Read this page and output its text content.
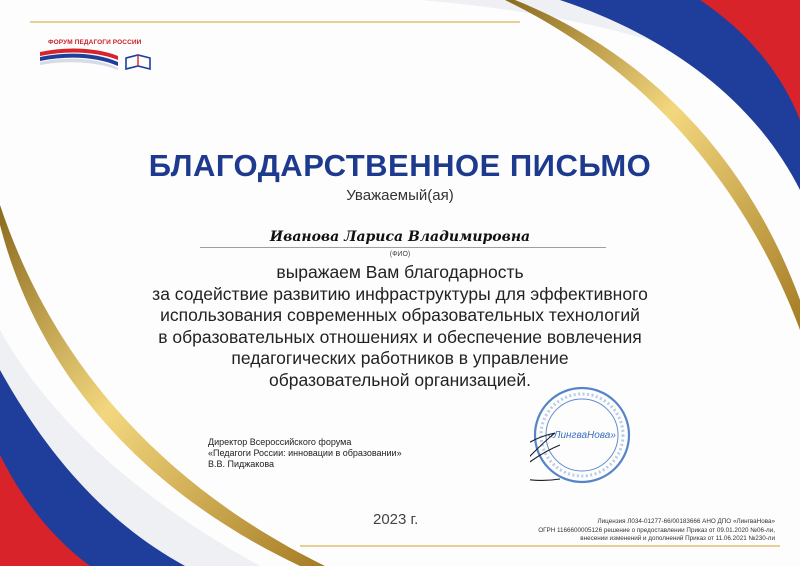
ФОРУМ ПЕДАГОГИ РОССИИ
БЛАГОДАРСТВЕННОЕ ПИСЬМО
Уважаемый(ая)
Иванова Лариса Владимировна
(ФИО)
выражаем Вам благодарность
за содействие развитию инфраструктуры для эффективного
использования современных образовательных технологий
в образовательных отношениях и обеспечение вовлечения
педагогических работников в управление
образовательной организацией.
Директор Всероссийского форума
«Педагоги России: инновации в образовании»
В.В. Пиджакова
«ЛингваНова»
2023 г.	Лицензия Л034-01277-66/00183666 АНО ДПО «ЛингваНова»
ОГРН 1166600005126 решение о предоставлении Приказ от 09.01.2020 №06-ли,
внесении изменений и дополнений Приказ от 11.06.2021 №230-ли
